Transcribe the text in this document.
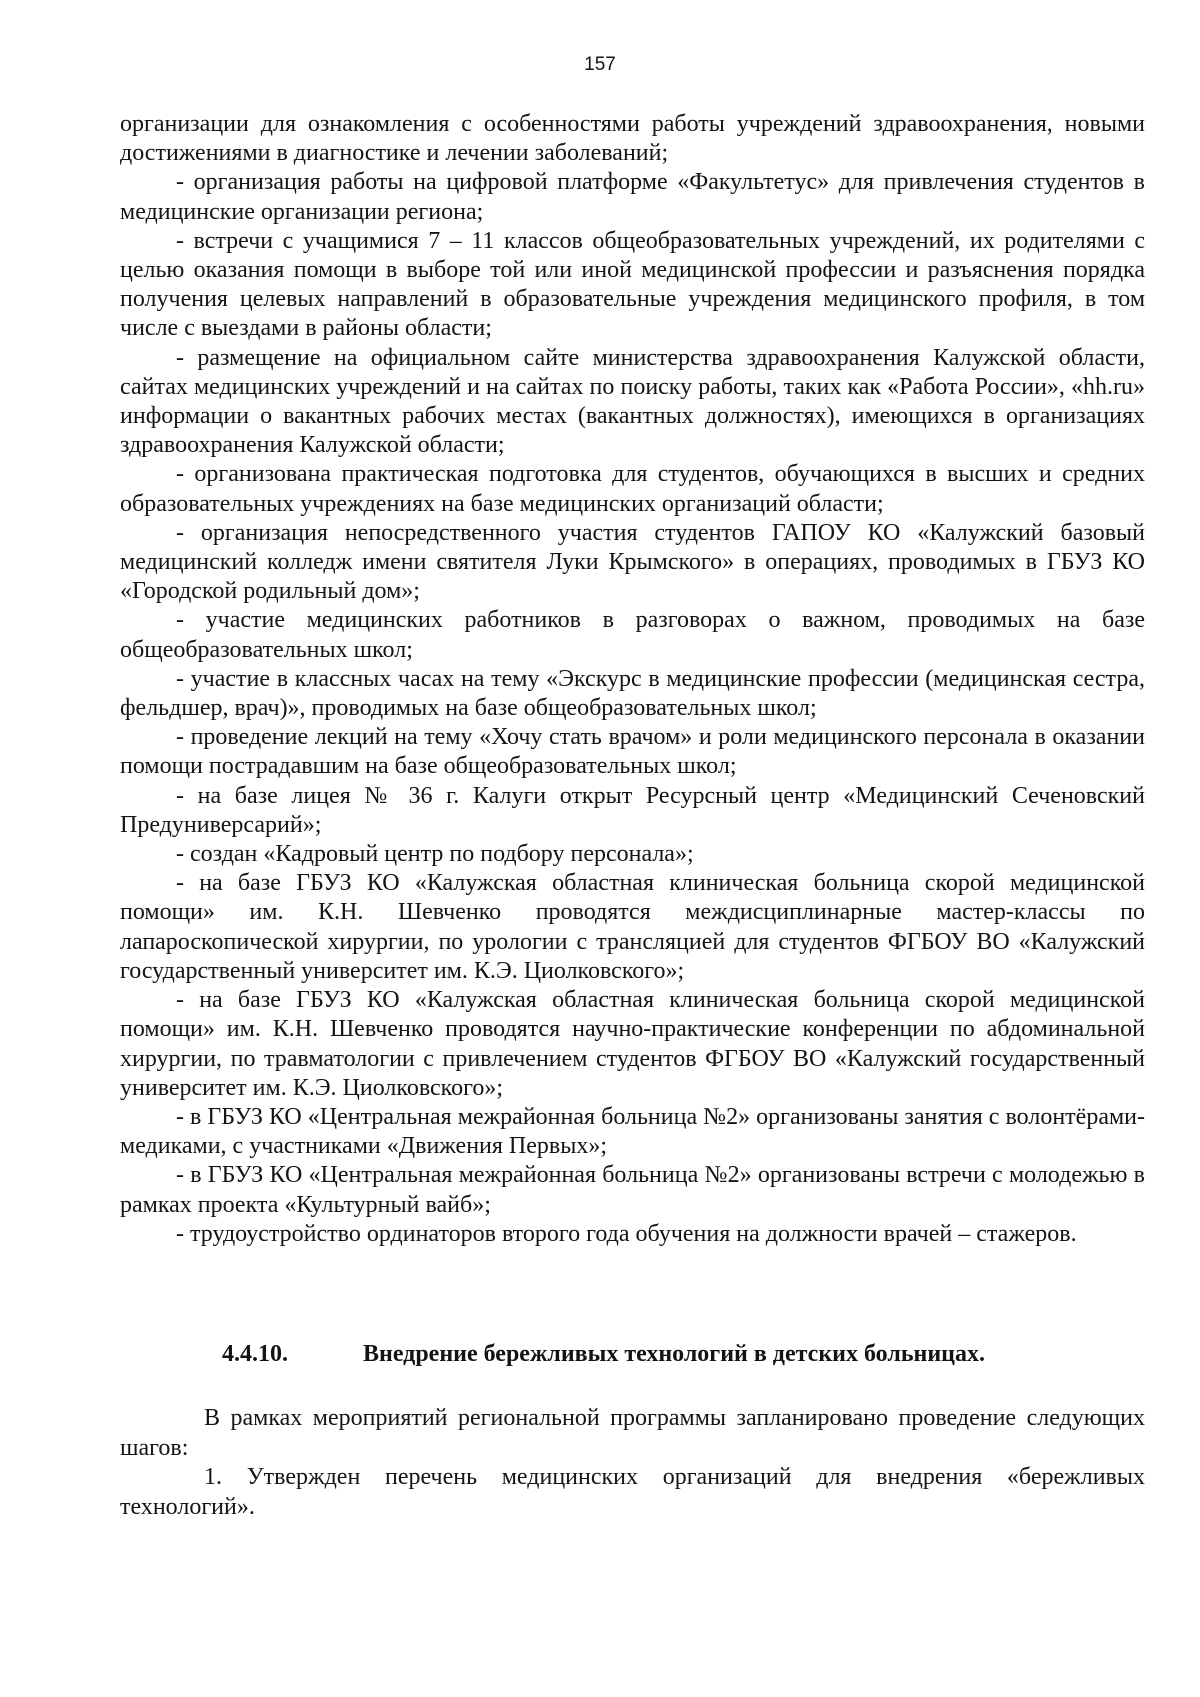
157

организации для ознакомления с особенностями работы учреждений здравоохранения, новыми достижениями в диагностике и лечении заболеваний;

- организация работы на цифровой платформе «Факультетус» для привлечения студентов в медицинские организации региона;

- встречи с учащимися 7 – 11 классов общеобразовательных учреждений, их родителями с целью оказания помощи в выборе той или иной медицинской профессии и разъяснения порядка получения целевых направлений в образовательные учреждения медицинского профиля, в том числе с выездами в районы области;

- размещение на официальном сайте министерства здравоохранения Калужской области, сайтах медицинских учреждений и на сайтах по поиску работы, таких как «Работа России», «hh.ru» информации о вакантных рабочих местах (вакантных должностях), имеющихся в организациях здравоохранения Калужской области;

- организована практическая подготовка для студентов, обучающихся в высших и средних образовательных учреждениях на базе медицинских организаций области;

- организация непосредственного участия студентов ГАПОУ КО «Калужский базовый медицинский колледж имени святителя Луки Крымского» в операциях, проводимых в ГБУЗ КО «Городской родильный дом»;

- участие медицинских работников в разговорах о важном, проводимых на базе общеобразовательных школ;

- участие в классных часах на тему «Экскурс в медицинские профессии (медицинская сестра, фельдшер, врач)», проводимых на базе общеобразовательных школ;

- проведение лекций на тему «Хочу стать врачом» и роли медицинского персонала в оказании помощи пострадавшим на базе общеобразовательных школ;

- на базе лицея № 36 г. Калуги открыт Ресурсный центр «Медицинский Сеченовский Предуниверсарий»;

- создан «Кадровый центр по подбору персонала»;

- на базе ГБУЗ КО «Калужская областная клиническая больница скорой медицинской помощи» им. К.Н. Шевченко проводятся междисциплинарные мастер-классы по лапароскопической хирургии, по урологии с трансляцией для студентов ФГБОУ ВО «Калужский государственный университет им. К.Э. Циолковского»;

- на базе ГБУЗ КО «Калужская областная клиническая больница скорой медицинской помощи» им. К.Н. Шевченко проводятся научно-практические конференции по абдоминальной хирургии, по травматологии с привлечением студентов ФГБОУ ВО «Калужский государственный университет им. К.Э. Циолковского»;

- в ГБУЗ КО «Центральная межрайонная больница №2» организованы занятия с волонтёрами-медиками, с участниками «Движения Первых»;

- в ГБУЗ КО «Центральная межрайонная больница №2» организованы встречи с молодежью в рамках проекта «Культурный вайб»;

- трудоустройство ординаторов второго года обучения на должности врачей – стажеров.

4.4.10.	Внедрение бережливых технологий в детских больницах.

В рамках мероприятий региональной программы запланировано проведение следующих шагов:

1. Утвержден перечень медицинских организаций для внедрения «бережливых технологий».
